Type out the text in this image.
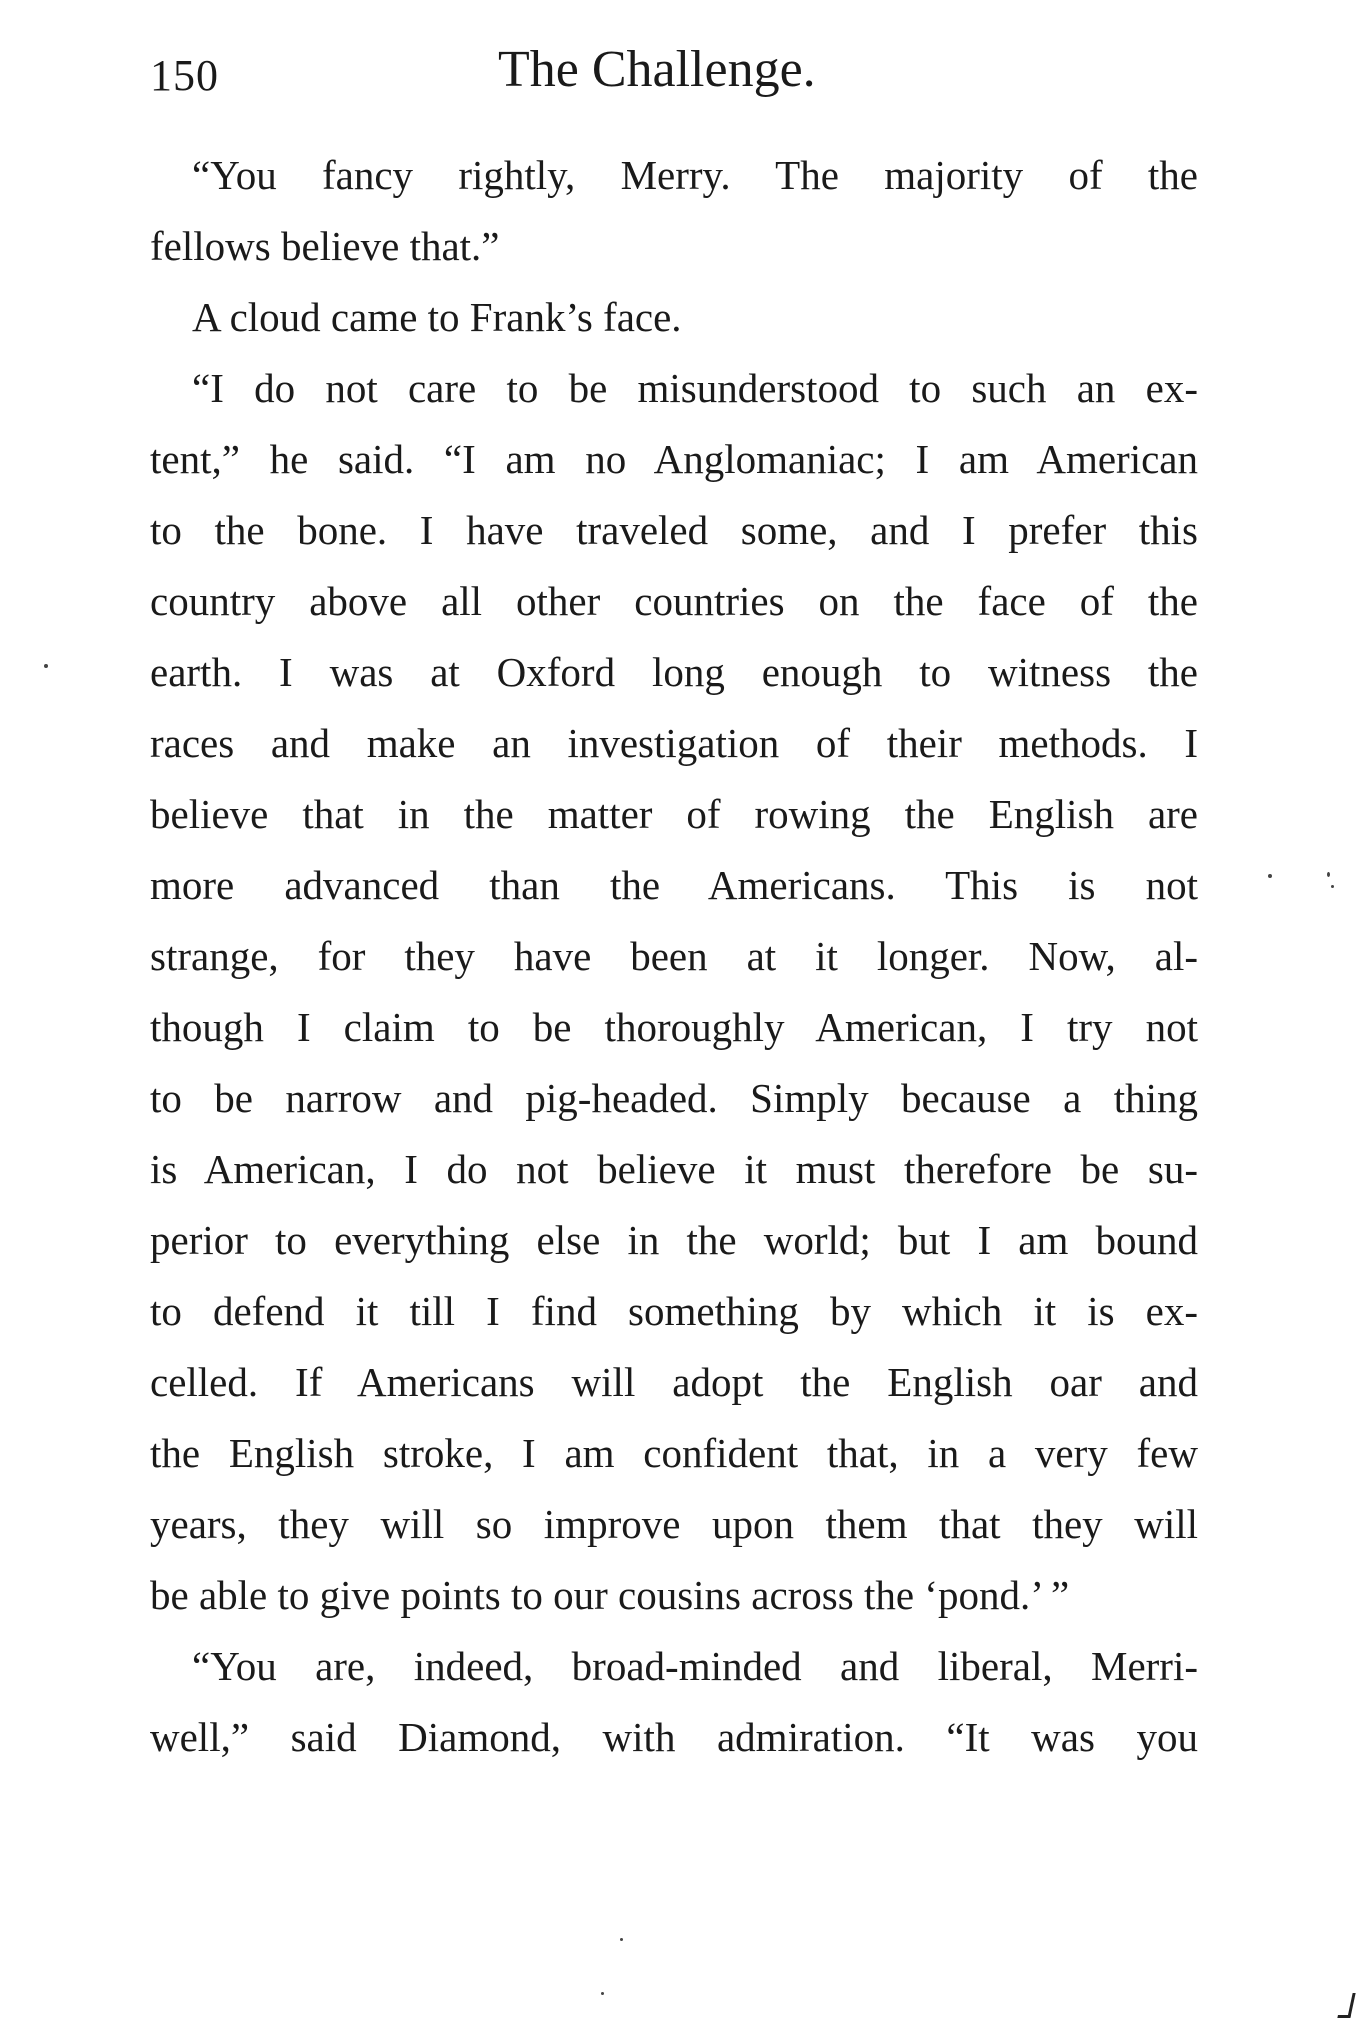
150	The Challenge.
“You fancy rightly, Merry. The majority of the
fellows believe that.”
A cloud came to Frank’s face.
“I do not care to be misunderstood to such an ex-
tent,” he said. “I am no Anglomaniac; I am American
to the bone. I have traveled some, and I prefer this
country above all other countries on the face of the
earth. I was at Oxford long enough to witness the
races and make an investigation of their methods. I
believe that in the matter of rowing the English are
more advanced than the Americans. This is not
strange, for they have been at it longer. Now, al-
though I claim to be thoroughly American, I try not
to be narrow and pig-headed. Simply because a thing
is American, I do not believe it must therefore be su-
perior to everything else in the world; but I am bound
to defend it till I find something by which it is ex-
celled. If Americans will adopt the English oar and
the English stroke, I am confident that, in a very few
years, they will so improve upon them that they will
be able to give points to our cousins across the ‘pond.’ ”
“You are, indeed, broad-minded and liberal, Merri-
well,” said Diamond, with admiration. “It was you
